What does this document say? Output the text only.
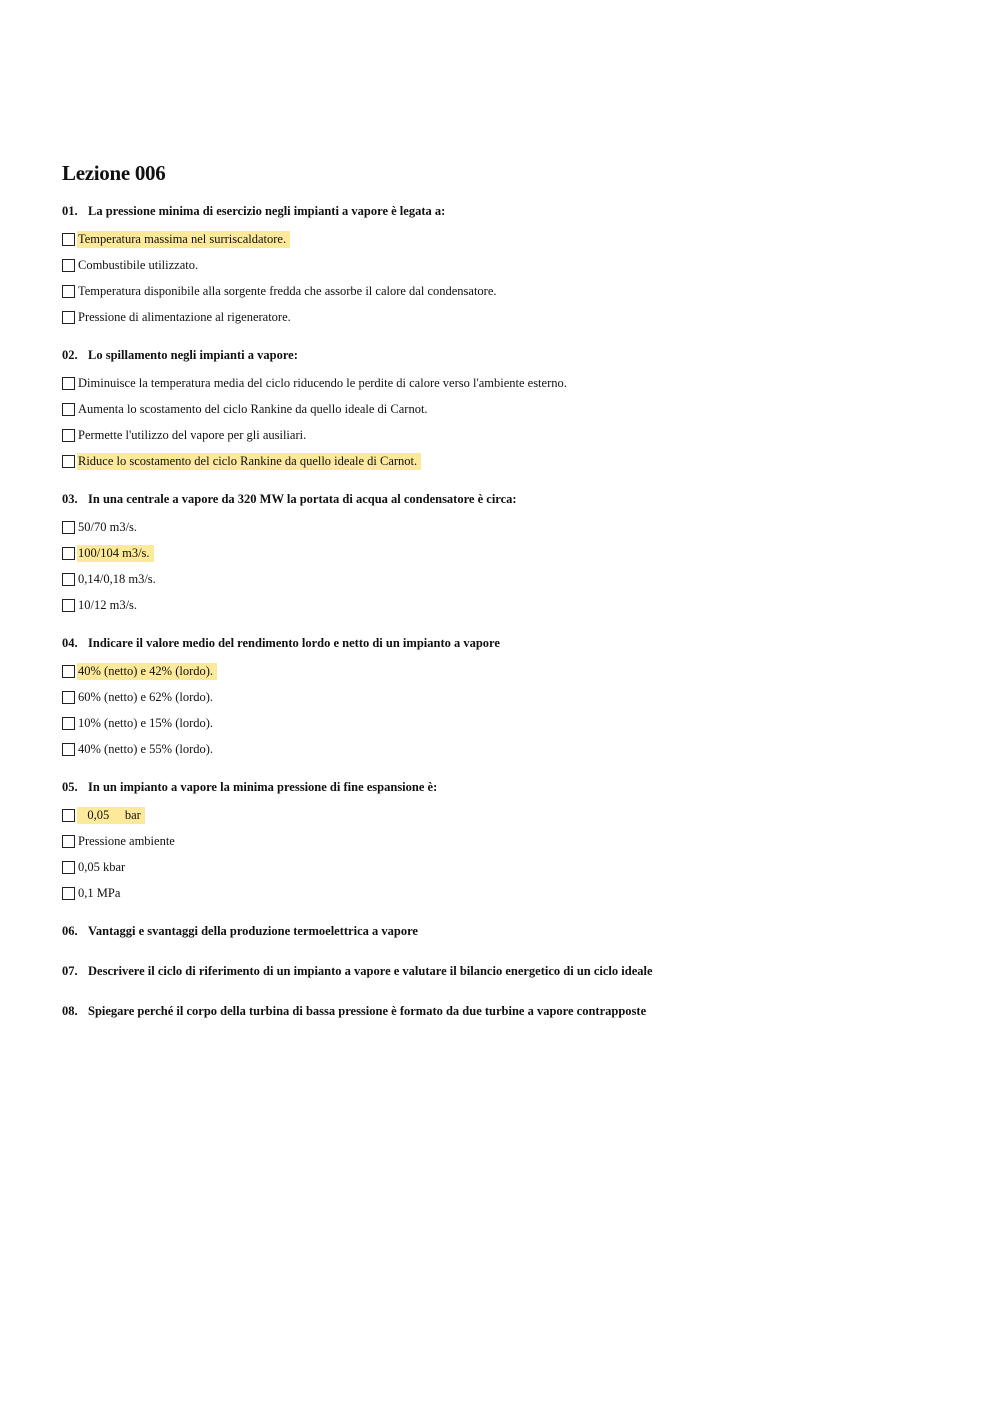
Lezione 006
01. La pressione minima di esercizio negli impianti a vapore è legata a:
Temperatura massima nel surriscaldatore.
Combustibile utilizzato.
Temperatura disponibile alla sorgente fredda che assorbe il calore dal condensatore.
Pressione di alimentazione al rigeneratore.
02. Lo spillamento negli impianti a vapore:
Diminuisce la temperatura media del ciclo riducendo le perdite di calore verso l'ambiente esterno.
Aumenta lo scostamento del ciclo Rankine da quello ideale di Carnot.
Permette l'utilizzo del vapore per gli ausiliari.
Riduce lo scostamento del ciclo Rankine da quello ideale di Carnot.
03. In una centrale a vapore da 320 MW la portata di acqua al condensatore è circa:
50/70 m3/s.
100/104 m3/s.
0,14/0,18 m3/s.
10/12 m3/s.
04. Indicare il valore medio del rendimento lordo e netto di un impianto a vapore
40% (netto) e 42% (lordo).
60% (netto) e 62% (lordo).
10% (netto) e 15% (lordo).
40% (netto) e 55% (lordo).
05. In un impianto a vapore la minima pressione di fine espansione è:
0,05     bar
Pressione ambiente
0,05 kbar
0,1 MPa
06. Vantaggi e svantaggi della produzione termoelettrica a vapore
07. Descrivere il ciclo di riferimento di un impianto a vapore e valutare il bilancio energetico di un ciclo ideale
08. Spiegare perché il corpo della turbina di bassa pressione è formato da due turbine a vapore contrapposte
